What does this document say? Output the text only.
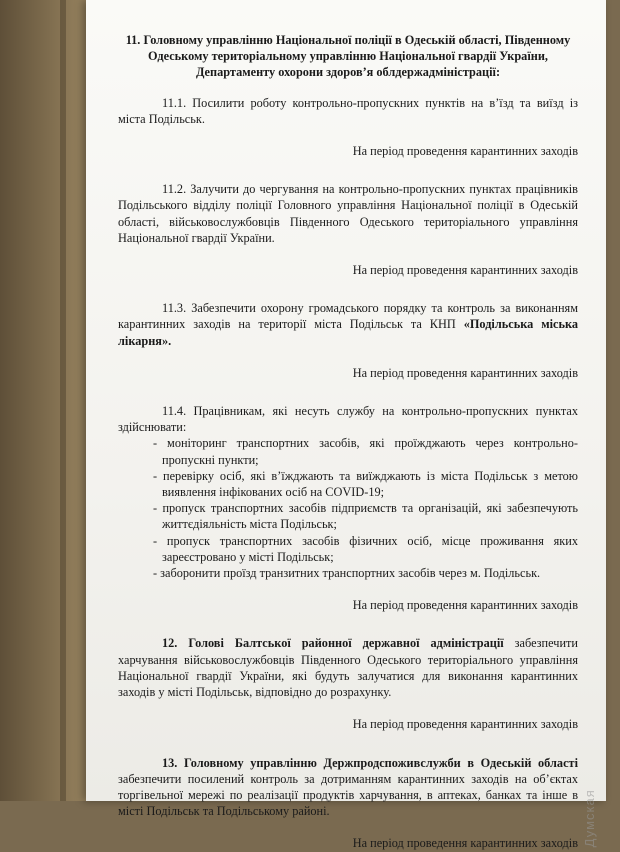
11. Головному управлінню Національної поліції в Одеській області, Південному Одеському територіальному управлінню Національної гвардії України, Департаменту охорони здоров’я облдержадміністрації:

11.1. Посилити роботу контрольно-пропускних пунктів на в’їзд та виїзд із міста Подільськ.

На період проведення карантинних заходів

11.2. Залучити до чергування на контрольно-пропускних пунктах працівників Подільського відділу поліції Головного управління Національної поліції в Одеській області, військовослужбовців Південного Одеського територіального управління Національної гвардії України.

На період проведення карантинних заходів

11.3. Забезпечити охорону громадського порядку та контроль за виконанням карантинних заходів на території міста Подільськ та КНП «Подільська міська лікарня».

На період проведення карантинних заходів

11.4. Працівникам, які несуть службу на контрольно-пропускних пунктах здійснювати:

- моніторинг транспортних засобів, які проїжджають через контрольно-пропускні пункти;

- перевірку осіб, які в’їжджають та виїжджають із міста Подільськ з метою виявлення інфікованих осіб на COVID-19;

- пропуск транспортних засобів підприємств та організацій, які забезпечують життєдіяльність міста Подільськ;

- пропуск транспортних засобів фізичних осіб, місце проживання яких зареєстровано у місті Подільськ;

- заборонити проїзд транзитних транспортних засобів через м. Подільськ.

На період проведення карантинних заходів

12. Голові Балтської районної державної адміністрації забезпечити харчування військовослужбовців Південного Одеського територіального управління Національної гвардії України, які будуть залучатися для виконання карантинних заходів у місті Подільськ, відповідно до розрахунку.

На період проведення карантинних заходів

13. Головному управлінню Держпродспоживслужби в Одеській області забезпечити посилений контроль за дотриманням карантинних заходів на об’єктах торгівельної мережі по реалізації продуктів харчування, в аптеках, банках та інше в місті Подільськ та Подільському районі.

На період проведення карантинних заходів Думская
